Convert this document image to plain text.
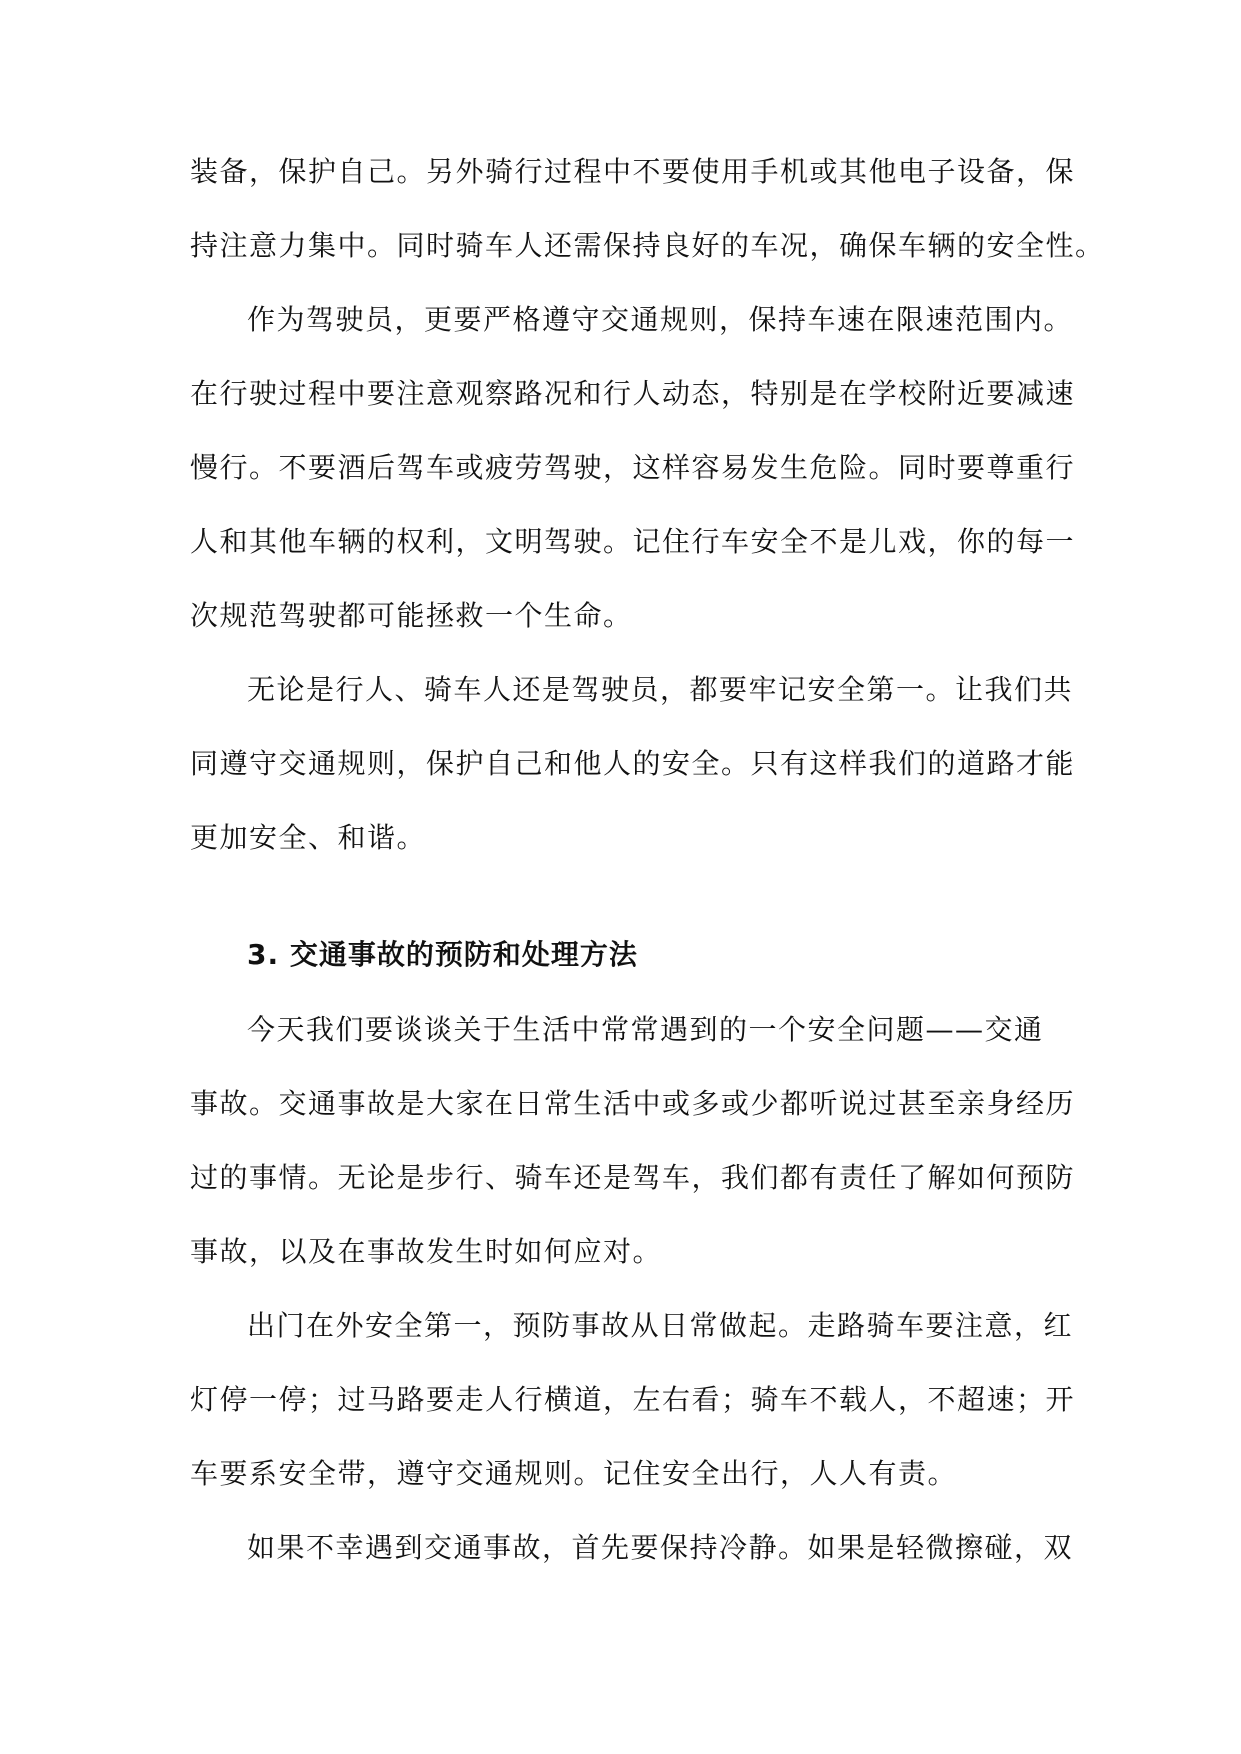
装备，保护自己。另外骑行过程中不要使用手机或其他电子设备，保
持注意力集中。同时骑车人还需保持良好的车况，确保车辆的安全性。
作为驾驶员，更要严格遵守交通规则，保持车速在限速范围内。
在行驶过程中要注意观察路况和行人动态，特别是在学校附近要减速
慢行。不要酒后驾车或疲劳驾驶，这样容易发生危险。同时要尊重行
人和其他车辆的权利，文明驾驶。记住行车安全不是儿戏，你的每一
次规范驾驶都可能拯救一个生命。
无论是行人、骑车人还是驾驶员，都要牢记安全第一。让我们共
同遵守交通规则，保护自己和他人的安全。只有这样我们的道路才能
更加安全、和谐。
3. 交通事故的预防和处理方法
今天我们要谈谈关于生活中常常遇到的一个安全问题——交通
事故。交通事故是大家在日常生活中或多或少都听说过甚至亲身经历
过的事情。无论是步行、骑车还是驾车，我们都有责任了解如何预防
事故，以及在事故发生时如何应对。
出门在外安全第一，预防事故从日常做起。走路骑车要注意，红
灯停一停；过马路要走人行横道，左右看；骑车不载人，不超速；开
车要系安全带，遵守交通规则。记住安全出行，人人有责。
如果不幸遇到交通事故，首先要保持冷静。如果是轻微擦碰，双
